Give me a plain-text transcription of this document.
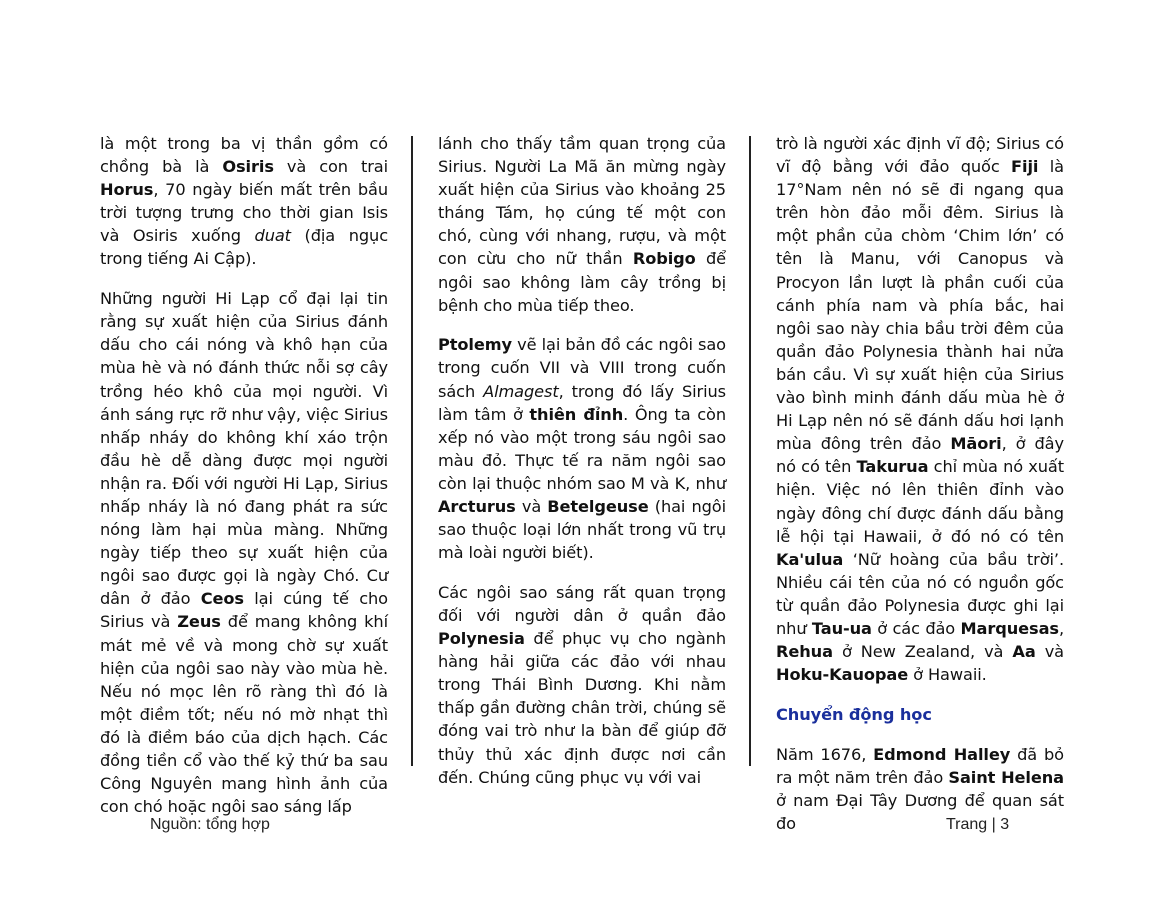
là một trong ba vị thần gồm có chồng bà là Osiris và con trai Horus, 70 ngày biến mất trên bầu trời tượng trưng cho thời gian Isis và Osiris xuống duat (địa ngục trong tiếng Ai Cập).

Những người Hi Lạp cổ đại lại tin rằng sự xuất hiện của Sirius đánh dấu cho cái nóng và khô hạn của mùa hè và nó đánh thức nỗi sợ cây trồng héo khô của mọi người. Vì ánh sáng rực rỡ như vậy, việc Sirius nhấp nháy do không khí xáo trộn đầu hè dễ dàng được mọi người nhận ra. Đối với người Hi Lạp, Sirius nhấp nháy là nó đang phát ra sức nóng làm hại mùa màng. Những ngày tiếp theo sự xuất hiện của ngôi sao được gọi là ngày Chó. Cư dân ở đảo Ceos lại cúng tế cho Sirius và Zeus để mang không khí mát mẻ về và mong chờ sự xuất hiện của ngôi sao này vào mùa hè. Nếu nó mọc lên rõ ràng thì đó là một điềm tốt; nếu nó mờ nhạt thì đó là điềm báo của dịch hạch. Các đồng tiền cổ vào thế kỷ thứ ba sau Công Nguyên mang hình ảnh của con chó hoặc ngôi sao sáng lấp

lánh cho thấy tầm quan trọng của Sirius. Người La Mã ăn mừng ngày xuất hiện của Sirius vào khoảng 25 tháng Tám, họ cúng tế một con chó, cùng với nhang, rượu, và một con cừu cho nữ thần Robigo để ngôi sao không làm cây trồng bị bệnh cho mùa tiếp theo.

Ptolemy vẽ lại bản đồ các ngôi sao trong cuốn VII và VIII trong cuốn sách Almagest, trong đó lấy Sirius làm tâm ở thiên đỉnh. Ông ta còn xếp nó vào một trong sáu ngôi sao màu đỏ. Thực tế ra năm ngôi sao còn lại thuộc nhóm sao M và K, như Arcturus và Betelgeuse (hai ngôi sao thuộc loại lớn nhất trong vũ trụ mà loài người biết).

Các ngôi sao sáng rất quan trọng đối với người dân ở quần đảo Polynesia để phục vụ cho ngành hàng hải giữa các đảo với nhau trong Thái Bình Dương. Khi nằm thấp gần đường chân trời, chúng sẽ đóng vai trò như la bàn để giúp đỡ thủy thủ xác định được nơi cần đến. Chúng cũng phục vụ với vai

trò là người xác định vĩ độ; Sirius có vĩ độ bằng với đảo quốc Fiji là 17°Nam nên nó sẽ đi ngang qua trên hòn đảo mỗi đêm. Sirius là một phần của chòm ‘Chim lớn’ có tên là Manu, với Canopus và Procyon lần lượt là phần cuối của cánh phía nam và phía bắc, hai ngôi sao này chia bầu trời đêm của quần đảo Polynesia thành hai nửa bán cầu. Vì sự xuất hiện của Sirius vào bình minh đánh dấu mùa hè ở Hi Lạp nên nó sẽ đánh dấu hơi lạnh mùa đông trên đảo Māori, ở đây nó có tên Takurua chỉ mùa nó xuất hiện. Việc nó lên thiên đỉnh vào ngày đông chí được đánh dấu bằng lễ hội tại Hawaii, ở đó nó có tên Ka'ulua ‘Nữ hoàng của bầu trời’. Nhiều cái tên của nó có nguồn gốc từ quần đảo Polynesia được ghi lại như Tau-ua ở các đảo Marquesas, Rehua ở New Zealand, và Aa và Hoku-Kauopae ở Hawaii.

Chuyển động học

Năm 1676, Edmond Halley đã bỏ ra một năm trên đảo Saint Helena ở nam Đại Tây Dương để quan sát đo

Nguồn: tổng hợp	Trang | 3
